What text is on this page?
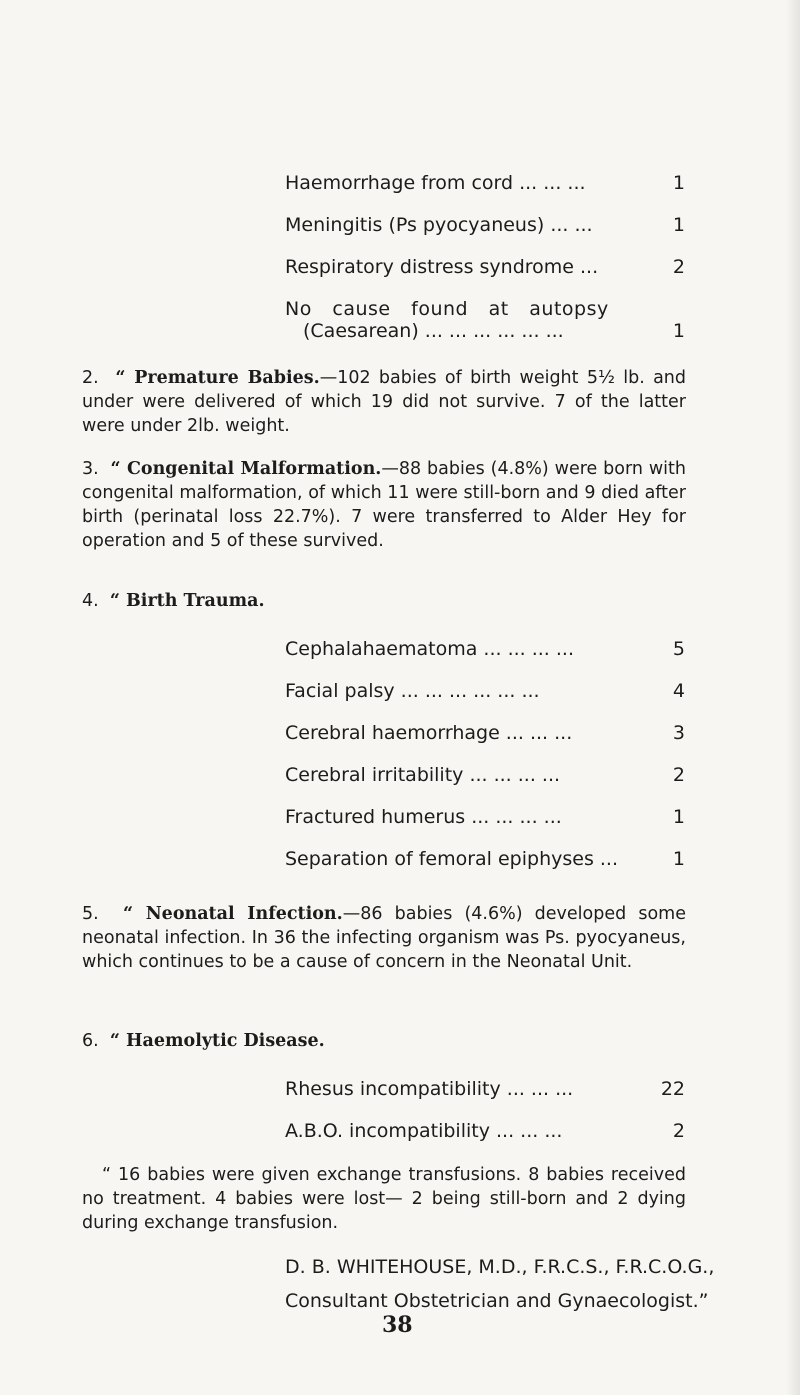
Haemorrhage from cord ... ... ...	1
Meningitis (Ps pyocyaneus) ... ...	1
Respiratory distress syndrome ...	2
No cause found at autopsy
(Caesarean) ... ... ... ... ... ...	1
2. “ Premature Babies.—102 babies of birth weight 5½ lb. and under were delivered of which 19 did not survive. 7 of the latter were under 2lb. weight.
3. “ Congenital Malformation.—88 babies (4.8%) were born with congenital malformation, of which 11 were still-born and 9 died after birth (perinatal loss 22.7%). 7 were transferred to Alder Hey for operation and 5 of these survived.
4. “ Birth Trauma.
Cephalahaematoma ... ... ... ...	5
Facial palsy ... ... ... ... ... ...	4
Cerebral haemorrhage ... ... ...	3
Cerebral irritability ... ... ... ...	2
Fractured humerus ... ... ... ...	1
Separation of femoral epiphyses ...	1
5. “ Neonatal Infection.—86 babies (4.6%) developed some neonatal infection. In 36 the infecting organism was Ps. pyocyaneus, which continues to be a cause of concern in the Neonatal Unit.
6. “ Haemolytic Disease.
Rhesus incompatibility ... ... ...	22
A.B.O. incompatibility ... ... ...	2
“ 16 babies were given exchange transfusions. 8 babies received no treatment. 4 babies were lost— 2 being still-born and 2 dying during exchange transfusion.
D. B. WHITEHOUSE, M.D., F.R.C.S., F.R.C.O.G.,
Consultant Obstetrician and Gynaecologist.”
38
